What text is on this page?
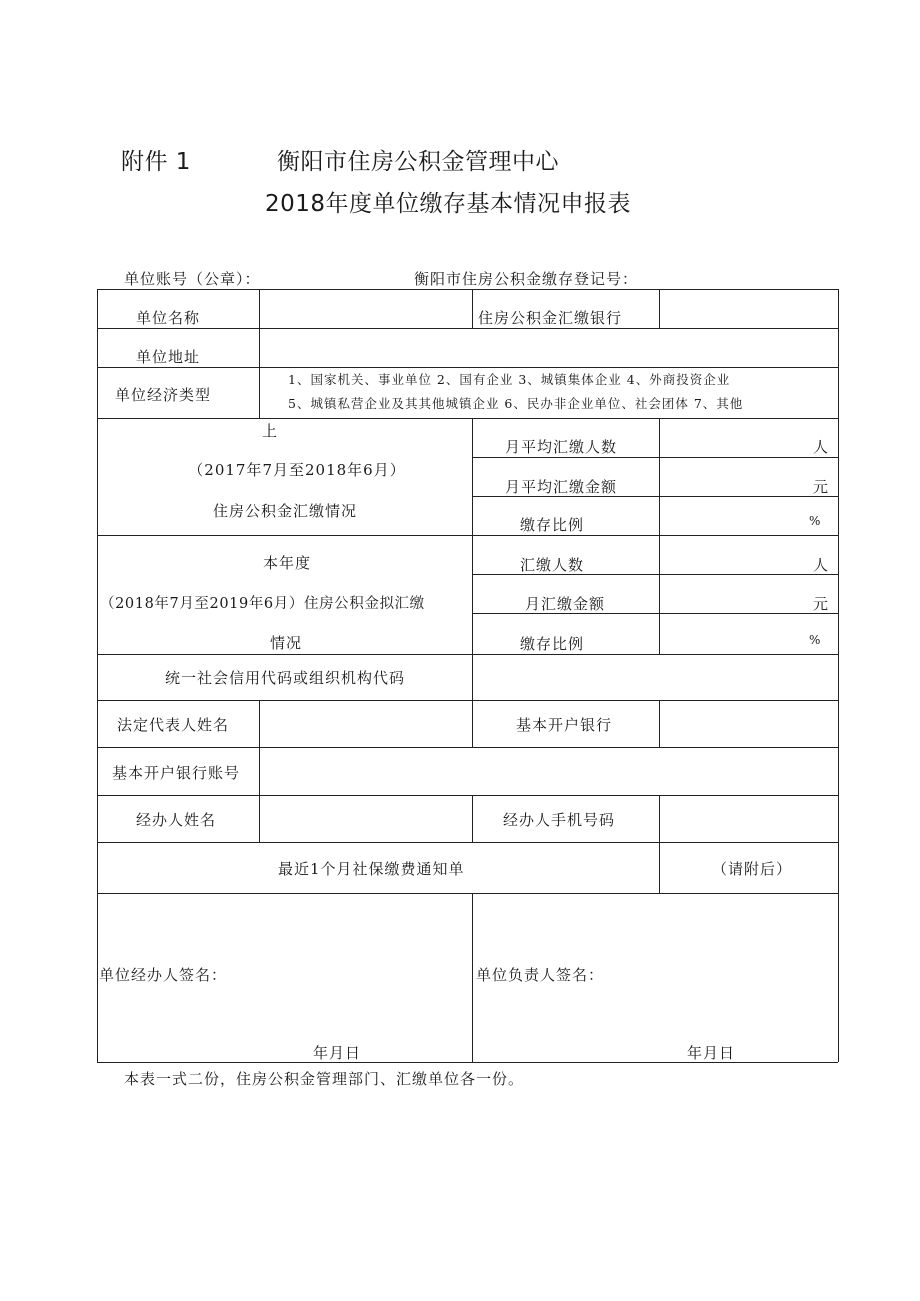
附件 1	衡阳市住房公积金管理中心
2018年度单位缴存基本情况申报表
单位账号（公章）：	衡阳市住房公积金缴存登记号：
单位名称	住房公积金汇缴银行
单位地址
单位经济类型
1、国家机关、事业单位 2、国有企业 3、城镇集体企业 4、外商投资企业
5、城镇私营企业及其其他城镇企业 6、民办非企业单位、社会团体 7、其他
上
（2017年7月至2018年6月）
住房公积金汇缴情况
月平均汇缴人数	人
月平均汇缴金额	元
缴存比例	%
本年度
（2018年7月至2019年6月）住房公积金拟汇缴
情况
汇缴人数	人
月汇缴金额	元
缴存比例	%
统一社会信用代码或组织机构代码
法定代表人姓名	基本开户银行
基本开户银行账号
经办人姓名	经办人手机号码
最近1个月社保缴费通知单	（请附后）
单位经办人签名：
年月日
单位负责人签名：
年月日
本表一式二份，住房公积金管理部门、汇缴单位各一份。
